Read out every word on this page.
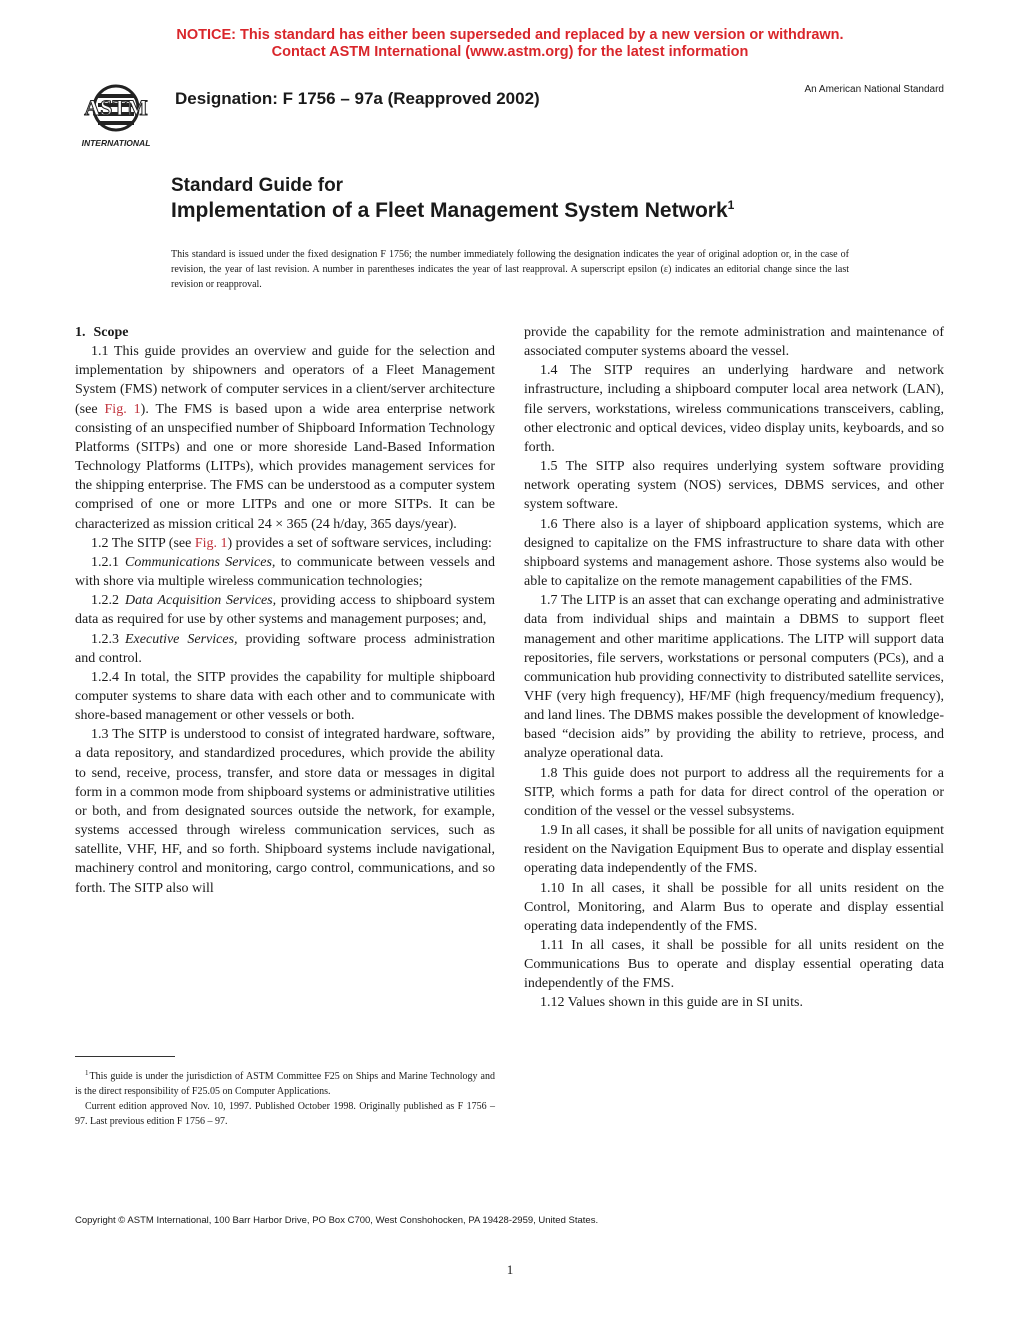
NOTICE: This standard has either been superseded and replaced by a new version or withdrawn.
Contact ASTM International (www.astm.org) for the latest information
ASTM
INTERNATIONAL
Designation: F 1756 – 97a (Reapproved 2002)	An American National Standard
Standard Guide for
Implementation of a Fleet Management System Network$^1$
This standard is issued under the fixed designation F 1756; the number immediately following the designation indicates the year of original adoption or, in the case of revision, the year of last revision. A number in parentheses indicates the year of last reapproval. A superscript epsilon (ε) indicates an editorial change since the last revision or reapproval.

1. Scope

1.1 This guide provides an overview and guide for the selection and implementation by shipowners and operators of a Fleet Management System (FMS) network of computer services in a client/server architecture (see Fig. 1). The FMS is based upon a wide area enterprise network consisting of an unspecified number of Shipboard Information Technology Platforms (SITPs) and one or more shoreside Land-Based Information Technology Platforms (LITPs), which provides management services for the shipping enterprise. The FMS can be understood as a computer system comprised of one or more LITPs and one or more SITPs. It can be characterized as mission critical 24 × 365 (24 h/day, 365 days/year).

1.2 The SITP (see Fig. 1) provides a set of software services, including:

1.2.1 Communications Services, to communicate between vessels and with shore via multiple wireless communication technologies;

1.2.2 Data Acquisition Services, providing access to shipboard system data as required for use by other systems and management purposes; and,

1.2.3 Executive Services, providing software process administration and control.

1.2.4 In total, the SITP provides the capability for multiple shipboard computer systems to share data with each other and to communicate with shore-based management or other vessels or both.

1.3 The SITP is understood to consist of integrated hardware, software, a data repository, and standardized procedures, which provide the ability to send, receive, process, transfer, and store data or messages in digital form in a common mode from shipboard systems or administrative utilities or both, and from designated sources outside the network, for example, systems accessed through wireless communication services, such as satellite, VHF, HF, and so forth. Shipboard systems include navigational, machinery control and monitoring, cargo control, communications, and so forth. The SITP also will

provide the capability for the remote administration and maintenance of associated computer systems aboard the vessel.

1.4 The SITP requires an underlying hardware and network infrastructure, including a shipboard computer local area network (LAN), file servers, workstations, wireless communications transceivers, cabling, other electronic and optical devices, video display units, keyboards, and so forth.

1.5 The SITP also requires underlying system software providing network operating system (NOS) services, DBMS services, and other system software.

1.6 There also is a layer of shipboard application systems, which are designed to capitalize on the FMS infrastructure to share data with other shipboard systems and management ashore. Those systems also would be able to capitalize on the remote management capabilities of the FMS.

1.7 The LITP is an asset that can exchange operating and administrative data from individual ships and maintain a DBMS to support fleet management and other maritime applications. The LITP will support data repositories, file servers, workstations or personal computers (PCs), and a communication hub providing connectivity to distributed satellite services, VHF (very high frequency), HF/MF (high frequency/medium frequency), and land lines. The DBMS makes possible the development of knowledge-based “decision aids” by providing the ability to retrieve, process, and analyze operational data.

1.8 This guide does not purport to address all the requirements for a SITP, which forms a path for data for direct control of the operation or condition of the vessel or the vessel subsystems.

1.9 In all cases, it shall be possible for all units of navigation equipment resident on the Navigation Equipment Bus to operate and display essential operating data independently of the FMS.

1.10 In all cases, it shall be possible for all units resident on the Control, Monitoring, and Alarm Bus to operate and display essential operating data independently of the FMS.

1.11 In all cases, it shall be possible for all units resident on the Communications Bus to operate and display essential operating data independently of the FMS.

1.12 Values shown in this guide are in SI units.

$^1$This guide is under the jurisdiction of ASTM Committee F25 on Ships and Marine Technology and is the direct responsibility of F25.05 on Computer Applications.

Current edition approved Nov. 10, 1997. Published October 1998. Originally published as F 1756 – 97. Last previous edition F 1756 – 97.

Copyright © ASTM International, 100 Barr Harbor Drive, PO Box C700, West Conshohocken, PA 19428-2959, United States.
1
